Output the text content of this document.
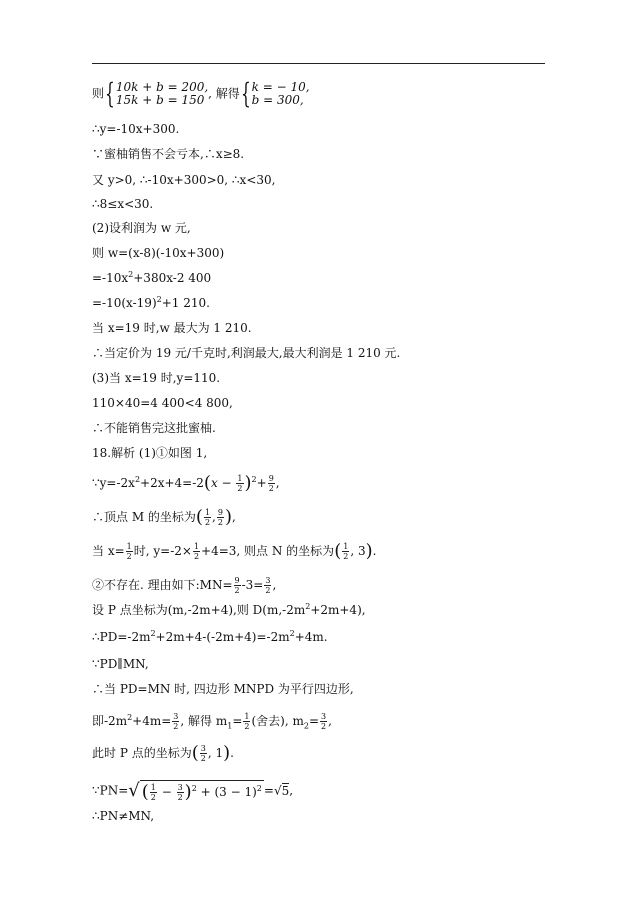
则{10k + b = 200,
15k + b = 150 , 解得{k = − 10,
b = 300,
∴y=-10x+300.
∵蜜柚销售不会亏本,∴x≥8.
又 y>0, ∴-10x+300>0, ∴x<30,
∴8≤x<30.
(2)设利润为 w 元,
则 w=(x-8)(-10x+300)
$=-10x^2+380x-2$ 400
$=-10(x-19)^2+1$ 210.
当 x=19 时,w 最大为 1 210.
∴当定价为 19 元/千克时,利润最大,最大利润是 1 210 元.
(3)当 x=19 时,y=110.
110×40=4 400<4 800,
∴不能销售完这批蜜柚.
18.解析 (1)①如图 1,
$\because y=-2x^2+2x+4=-2(x - \frac{1}{2} )^2+ \frac{9}{2}$ ,
∴顶点 M 的坐标为( $\frac{1}{2}$ , $\frac{9}{2}$ ),
当 $x= \frac{1}{2}$ 时, $y=-2\times \frac{1}{2} +4=3$, 则点 N 的坐标为( $\frac{1}{2}$ , 3).
②不存在. 理由如下:MN= $\frac{9}{2} -3= \frac{3}{2}$ ,
设 P 点坐标为(m,-2m+4),则 $D(m,-2m^2+2m+4)$,
$\therefore PD=-2m^2+2m+4-(-2m+4)=-2m^2+4m$.
∵PD∥MN,
∴当 PD=MN 时, 四边形 MNPD 为平行四边形,
即$-2m^2+4m= \frac{3}{2}$ , 解得 $m_1= \frac{1}{2}$ (舍去), $m_2= \frac{3}{2}$ ,
此时 P 点的坐标为( $\frac{3}{2}$ , 1).
∵PN=√ ( $\frac{1}{2} - \frac{3}{2} )^2 + (3 - 1)^2 =√5$,
∴PN≠MN,
